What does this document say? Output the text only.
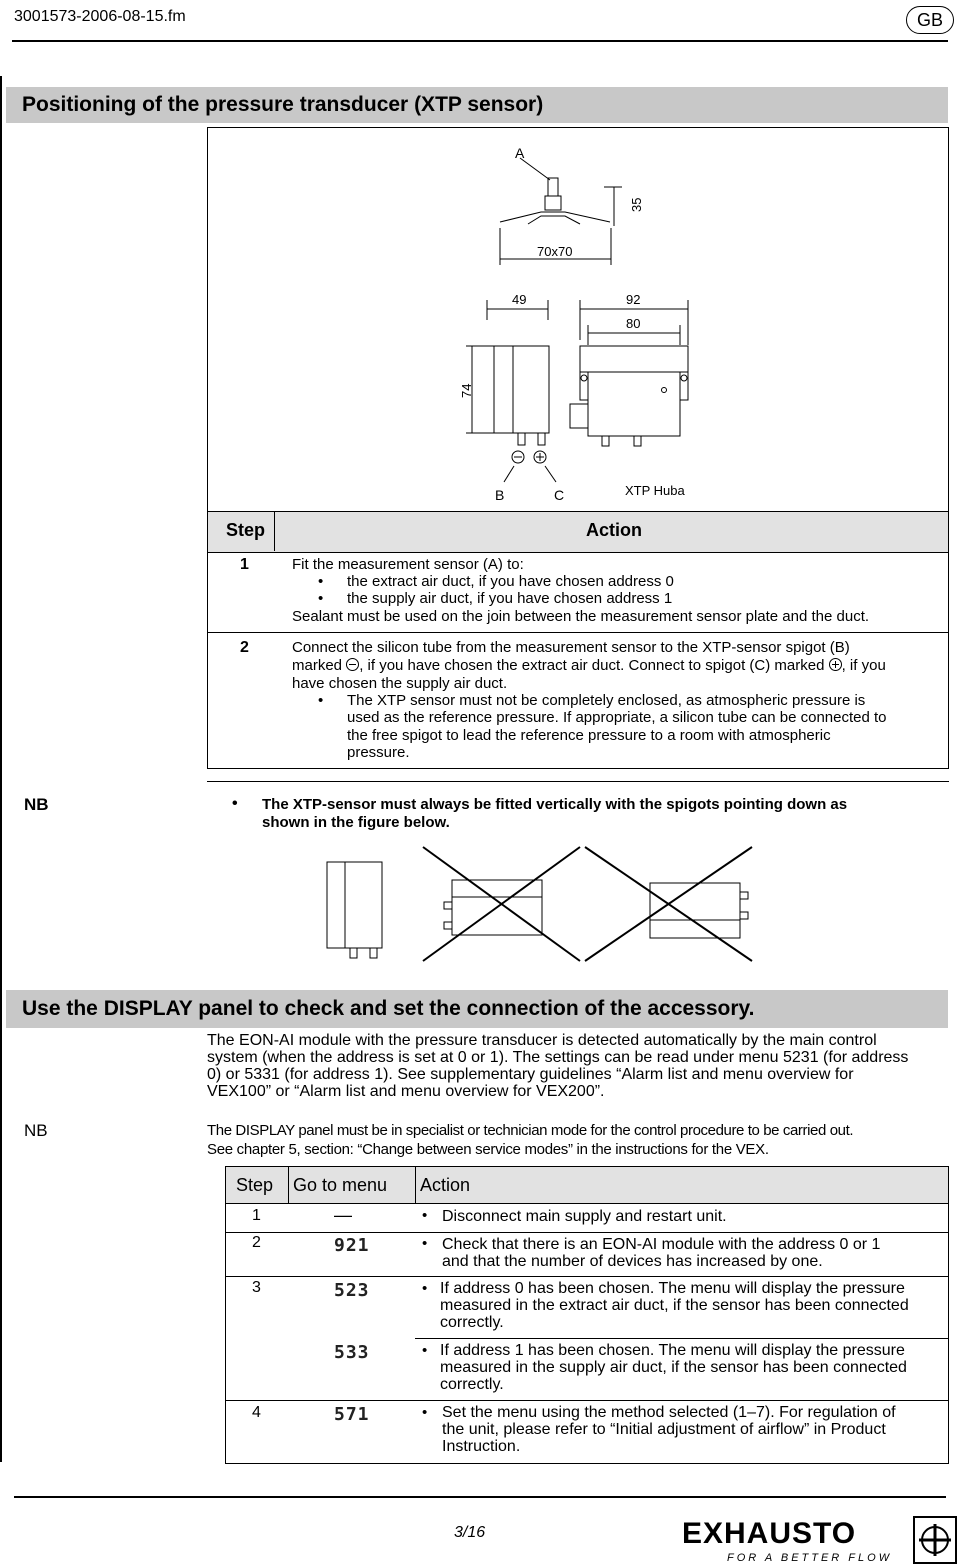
3001573-2006-08-15.fm	GB
Positioning of the pressure transducer (XTP sensor)
A
35
70x70
49	92
80
74
B	C	XTP Huba
Step	Action
1	Fit the measurement sensor (A) to:
• the extract air duct, if you have chosen address 0
• the supply air duct, if you have chosen address 1
Sealant must be used on the join between the measurement sensor plate and the duct.
2	Connect the silicon tube from the measurement sensor to the XTP-sensor spigot (B)
marked
, if you have chosen the extract air duct. Connect to spigot (C) marked
, if you
have chosen the supply air duct.
• The XTP sensor must not be completely enclosed, as atmospheric pressure is
used as the reference pressure. If appropriate, a silicon tube can be connected to
the free spigot to lead the reference pressure to a room with atmospheric
pressure.
NB	• The XTP-sensor must always be fitted vertically with the spigots pointing down as
shown in the figure below.
Use the DISPLAY panel to check and set the connection of the accessory.
The EON-AI module with the pressure transducer is detected automatically by the main control
system (when the address is set at 0 or 1). The settings can be read under menu 5231 (for address
0) or 5331 (for address 1). See supplementary guidelines “Alarm list and menu overview for
VEX100” or “Alarm list and menu overview for VEX200”.
NB	The DISPLAY panel must be in specialist or technician mode for the control procedure to be carried out.
See chapter 5, section: “Change between service modes” in the instructions for the VEX.
Step Go to menu Action
1	—	• Disconnect main supply and restart unit.
2	921	• Check that there is an EON-AI module with the address 0 or 1
and that the number of devices has increased by one.
3	523	• If address 0 has been chosen. The menu will display the pressure
measured in the extract air duct, if the sensor has been connected
correctly.
533	• If address 1 has been chosen. The menu will display the pressure
measured in the supply air duct, if the sensor has been connected
correctly.
4	571	• Set the menu using the method selected (1–7). For regulation of
the unit, please refer to “Initial adjustment of airflow” in Product
Instruction.
3/16	EXHAUSTO
FOR A BETTER FLOW
